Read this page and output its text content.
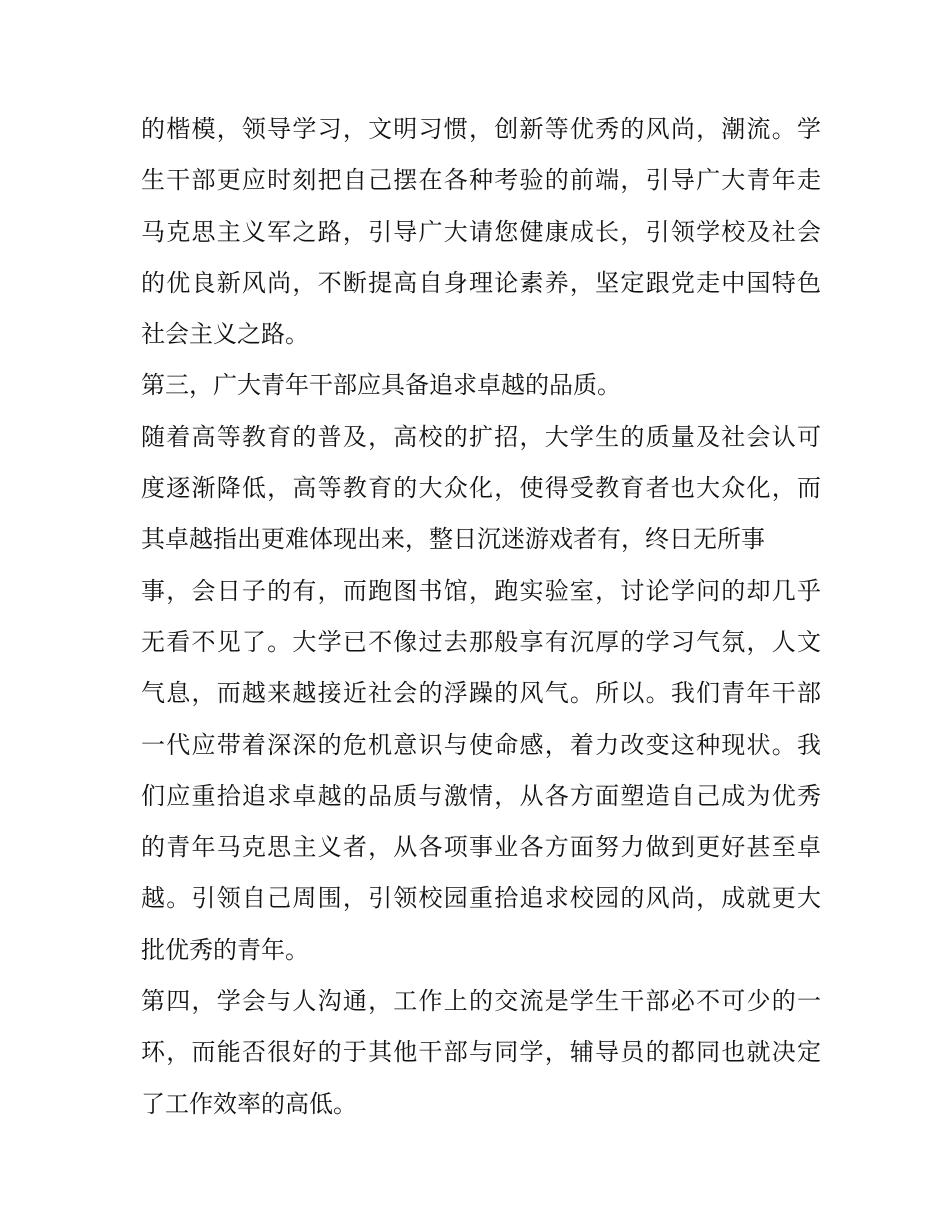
的楷模，领导学习，文明习惯，创新等优秀的风尚，潮流。学
生干部更应时刻把自己摆在各种考验的前端，引导广大青年走
马克思主义军之路，引导广大请您健康成长，引领学校及社会
的优良新风尚，不断提高自身理论素养，坚定跟党走中国特色
社会主义之路。
第三，广大青年干部应具备追求卓越的品质。
随着高等教育的普及，高校的扩招，大学生的质量及社会认可
度逐渐降低，高等教育的大众化，使得受教育者也大众化，而
其卓越指出更难体现出来，整日沉迷游戏者有，终日无所事
事，会日子的有，而跑图书馆，跑实验室，讨论学问的却几乎
无看不见了。大学已不像过去那般享有沉厚的学习气氛，人文
气息，而越来越接近社会的浮躁的风气。所以。我们青年干部
一代应带着深深的危机意识与使命感，着力改变这种现状。我
们应重拾追求卓越的品质与激情，从各方面塑造自己成为优秀
的青年马克思主义者，从各项事业各方面努力做到更好甚至卓
越。引领自己周围，引领校园重拾追求校园的风尚，成就更大
批优秀的青年。
第四，学会与人沟通，工作上的交流是学生干部必不可少的一
环，而能否很好的于其他干部与同学，辅导员的都同也就决定
了工作效率的高低。
